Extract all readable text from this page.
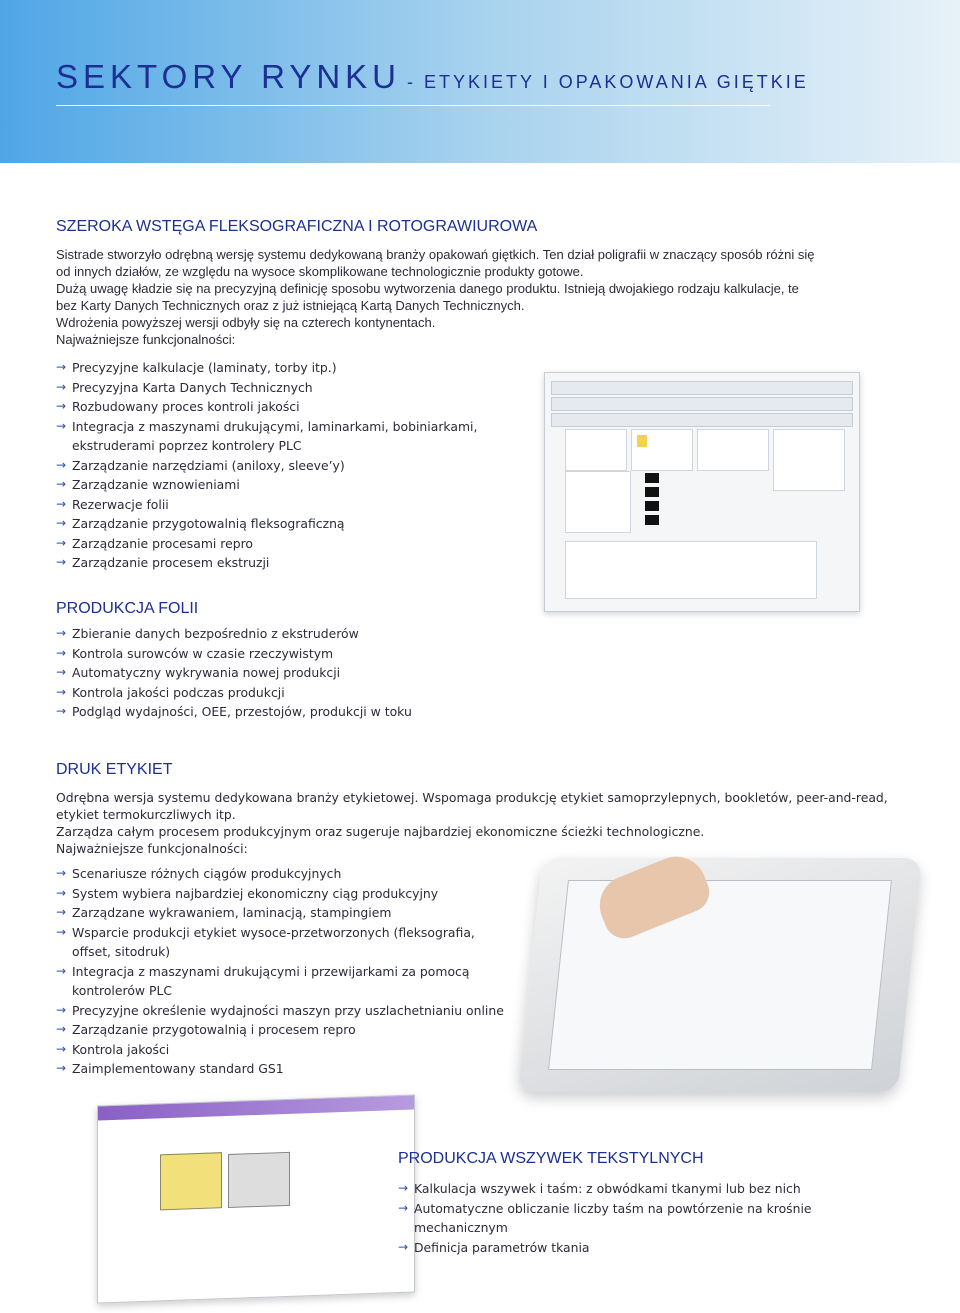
SEKTORY RYNKU - ETYKIETY I OPAKOWANIA GIĘTKIE
SZEROKA WSTĘGA FLEKSOGRAFICZNA I ROTOGRAWIUROWA
Sistrade stworzyło odrębną wersję systemu dedykowaną branży opakowań giętkich. Ten dział poligrafii w znaczący sposób różni się
od innych działów, ze względu na wysoce skomplikowane technologicznie produkty gotowe.
Dużą uwagę kładzie się na precyzyjną definicję sposobu wytworzenia danego produktu. Istnieją dwojakiego rodzaju kalkulacje, te
bez Karty Danych Technicznych oraz z już istniejącą Kartą Danych Technicznych.
Wdrożenia powyższej wersji odbyły się na czterech kontynentach.
Najważniejsze funkcjonalności:
→ Precyzyjne kalkulacje (laminaty, torby itp.)
→ Precyzyjna Karta Danych Technicznych
→ Rozbudowany proces kontroli jakości
→ Integracja z maszynami drukującymi, laminarkami, bobiniarkami,
ekstruderami poprzez kontrolery PLC
→ Zarządzanie narzędziami (aniloxy, sleeve’y)
→ Zarządzanie wznowieniami
→ Rezerwacje folii
→ Zarządzanie przygotowalnią fleksograficzną
→ Zarządzanie procesami repro
→ Zarządzanie procesem ekstruzji
PRODUKCJA FOLII
→ Zbieranie danych bezpośrednio z ekstruderów
→ Kontrola surowców w czasie rzeczywistym
→ Automatyczny wykrywania nowej produkcji
→ Kontrola jakości podczas produkcji
→ Podgląd wydajności, OEE, przestojów, produkcji w toku
DRUK ETYKIET
Odrębna wersja systemu dedykowana branży etykietowej. Wspomaga produkcję etykiet samoprzylepnych, bookletów, peer-and-read,
etykiet termokurczliwych itp.
Zarządza całym procesem produkcyjnym oraz sugeruje najbardziej ekonomiczne ścieżki technologiczne.
Najważniejsze funkcjonalności:
→ Scenariusze różnych ciągów produkcyjnych
→ System wybiera najbardziej ekonomiczny ciąg produkcyjny
→ Zarządzane wykrawaniem, laminacją, stampingiem
→ Wsparcie produkcji etykiet wysoce-przetworzonych (fleksografia,
offset, sitodruk)
→ Integracja z maszynami drukującymi i przewijarkami za pomocą
kontrolerów PLC
→ Precyzyjne określenie wydajności maszyn przy uszlachetnianiu online
→ Zarządzanie przygotowalnią i procesem repro
→ Kontrola jakości
→ Zaimplementowany standard GS1
PRODUKCJA WSZYWEK TEKSTYLNYCH
→ Kalkulacja wszywek i taśm: z obwódkami tkanymi lub bez nich
→ Automatyczne obliczanie liczby taśm na powtórzenie na krośnie
mechanicznym
→ Definicja parametrów tkania
